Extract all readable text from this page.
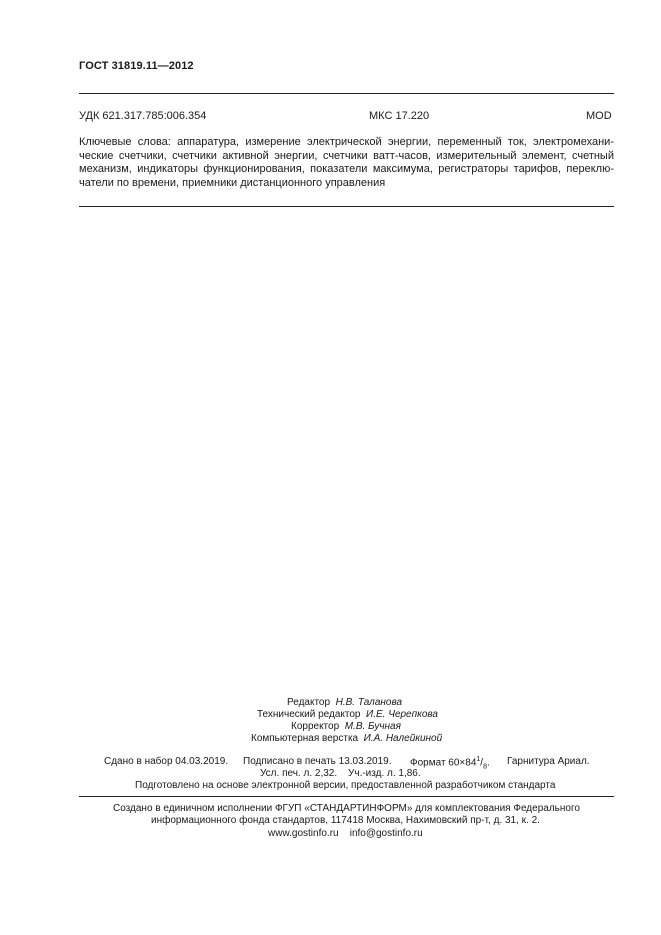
ГОСТ 31819.11—2012
УДК 621.317.785:006.354	МКС 17.220	MOD
Ключевые слова: аппаратура, измерение электрической энергии, переменный ток, электромехани-
ческие счетчики, счетчики активной энергии, счетчики ватт-часов, измерительный элемент, счетный
механизм, индикаторы функционирования, показатели максимума, регистраторы тарифов, переклю-
чатели по времени, приемники дистанционного управления
Редактор Н.В. Таланова
Технический редактор И.Е. Черепкова
Корректор М.В. Бучная
Компьютерная верстка И.А. Налейкиной
Сдано в набор 04.03.2019. Подписано в печать 13.03.2019. Формат $60\times 84^1/_8$. Гарнитура Ариал.
Усл. печ. л. 2,32. Уч.-изд. л. 1,86.
Подготовлено на основе электронной версии, предоставленной разработчиком стандарта
Создано в единичном исполнении ФГУП «СТАНДАРТИНФОРМ» для комплектования Федерального
информационного фонда стандартов, 117418 Москва, Нахимовский пр-т, д. 31, к. 2.
www.gostinfo.ru info@gostinfo.ru
